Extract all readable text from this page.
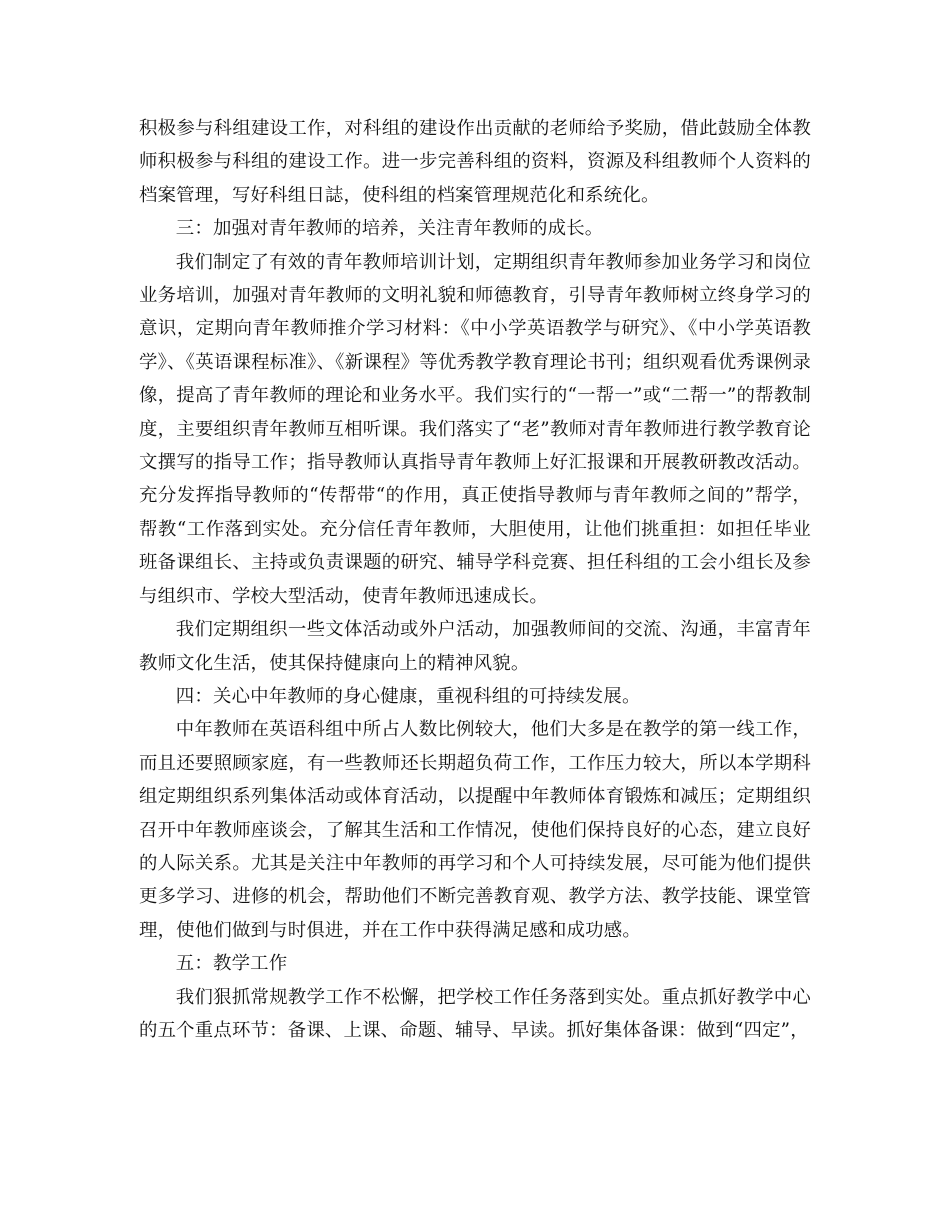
积极参与科组建设工作，对科组的建设作出贡献的老师给予奖励，借此鼓励全体教师积极参与科组的建设工作。进一步完善科组的资料，资源及科组教师个人资料的档案管理，写好科组日誌，使科组的档案管理规范化和系统化。

三：加强对青年教师的培养，关注青年教师的成长。

我们制定了有效的青年教师培训计划，定期组织青年教师参加业务学习和岗位业务培训，加强对青年教师的文明礼貌和师德教育，引导青年教师树立终身学习的意识，定期向青年教师推介学习材料：《中小学英语教学与研究》、《中小学英语教学》、《英语课程标准》、《新课程》等优秀教学教育理论书刊；组织观看优秀课例录像，提高了青年教师的理论和业务水平。我们实行的“一帮一”或“二帮一”的帮教制度，主要组织青年教师互相听课。我们落实了“老”教师对青年教师进行教学教育论文撰写的指导工作；指导教师认真指导青年教师上好汇报课和开展教研教改活动。充分发挥指导教师的“传帮带“的作用，真正使指导教师与青年教师之间的”帮学，帮教“工作落到实处。充分信任青年教师，大胆使用，让他们挑重担：如担任毕业班备课组长、主持或负责课题的研究、辅导学科竞赛、担任科组的工会小组长及参与组织市、学校大型活动，使青年教师迅速成长。

我们定期组织一些文体活动或外户活动，加强教师间的交流、沟通，丰富青年教师文化生活，使其保持健康向上的精神风貌。

四：关心中年教师的身心健康，重视科组的可持续发展。

中年教师在英语科组中所占人数比例较大，他们大多是在教学的第一线工作，而且还要照顾家庭，有一些教师还长期超负荷工作，工作压力较大，所以本学期科组定期组织系列集体活动或体育活动，以提醒中年教师体育锻炼和减压；定期组织召开中年教师座谈会，了解其生活和工作情况，使他们保持良好的心态，建立良好的人际关系。尤其是关注中年教师的再学习和个人可持续发展，尽可能为他们提供更多学习、进修的机会，帮助他们不断完善教育观、教学方法、教学技能、课堂管理，使他们做到与时俱进，并在工作中获得满足感和成功感。

五：教学工作

我们狠抓常规教学工作不松懈，把学校工作任务落到实处。重点抓好教学中心的五个重点环节：备课、上课、命题、辅导、早读。抓好集体备课：做到“四定”，
